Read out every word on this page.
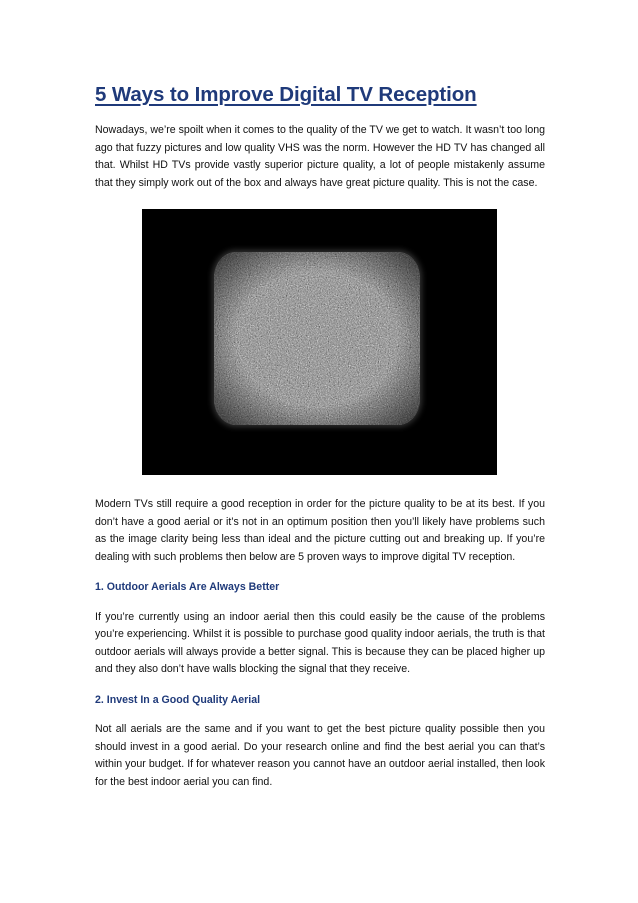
5 Ways to Improve Digital TV Reception

Nowadays, we’re spoilt when it comes to the quality of the TV we get to watch. It wasn’t too long ago that fuzzy pictures and low quality VHS was the norm. However the HD TV has changed all that. Whilst HD TVs provide vastly superior picture quality, a lot of people mistakenly assume that they simply work out of the box and always have great picture quality. This is not the case.

Modern TVs still require a good reception in order for the picture quality to be at its best. If you don’t have a good aerial or it’s not in an optimum position then you’ll likely have problems such as the image clarity being less than ideal and the picture cutting out and breaking up. If you’re dealing with such problems then below are 5 proven ways to improve digital TV reception.

1. Outdoor Aerials Are Always Better

If you’re currently using an indoor aerial then this could easily be the cause of the problems you’re experiencing. Whilst it is possible to purchase good quality indoor aerials, the truth is that outdoor aerials will always provide a better signal. This is because they can be placed higher up and they also don’t have walls blocking the signal that they receive.

2. Invest In a Good Quality Aerial

Not all aerials are the same and if you want to get the best picture quality possible then you should invest in a good aerial. Do your research online and find the best aerial you can that’s within your budget. If for whatever reason you cannot have an outdoor aerial installed, then look for the best indoor aerial you can find.
